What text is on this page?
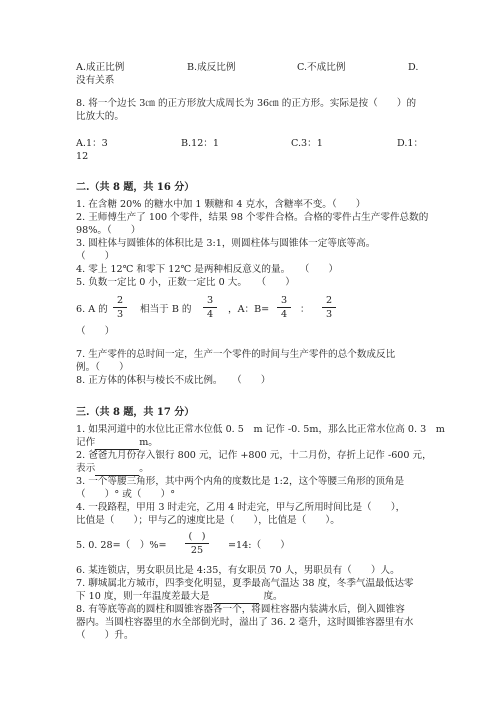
A.成正比例	B.成反比例	C.不成比例	D.
没有关系
8. 将一个边长 3㎝ 的正方形放大成周长为 36㎝ 的正方形。实际是按（　　）的
比放大的。
A.1：3	B.12：1	C.3：1	D.1：
12
二.（共 8 题，共 16 分）
1. 在含糖 20% 的糖水中加 1 颗糖和 4 克水，含糖率不变。（　　）
2. 王师傅生产了 100 个零件，结果 98 个零件合格。合格的零件占生产零件总数的
98%。（　　）
3. 圆柱体与圆锥体的体积比是 3:1，则圆柱体与圆锥体一定等底等高。
（　　）
4. 零上 12℃ 和零下 12℃ 是两种相反意义的量。　　（　　）
5. 负数一定比 0 小，正数一定比 0 大。　　（　　）
6. A 的
2
3	相当于 B 的
3
4	，A：B=
3
4	：
2
3
（　　）
7. 生产零件的总时间一定，生产一个零件的时间与生产零件的总个数成反比
例。（　　）
8. 正方体的体积与棱长不成比例。　　（　　）
三.（共 8 题，共 17 分）
1. 如果河道中的水位比正常水位低 0. 5　m 记作 -0. 5m，那么比正常水位高 0. 3　m
记作	m。
2. 爸爸九月份存入银行 800 元，记作 +800 元，十二月份，存折上记作 -600 元，
表示	。
3. 一个等腰三角形，其中两个内角的度数比是 1:2，这个等腰三角形的顶角是
（　　）° 或（　　）°
4. 一段路程，甲用 3 时走完，乙用 4 时走完，甲与乙所用时间比是（　　），
比值是（　　）；甲与乙的速度比是（　　），比值是（　　）。
5. 0. 28=（　）%=
(　)
25	=14:（　　）
6. 某连锁店，男女职员比是 4:35，有女职员 70 人，男职员有（　　）人。
7. 聊城属北方城市，四季变化明显，夏季最高气温达 38 度，冬季气温最低达零
下 10 度，则一年温度差最大是	度。
8. 有等底等高的圆柱和圆锥容器各一个，将圆柱容器内装满水后，倒入圆锥容
器内。当圆柱容器里的水全部倒光时，溢出了 36. 2 毫升，这时圆锥容器里有水
（　　）升。
